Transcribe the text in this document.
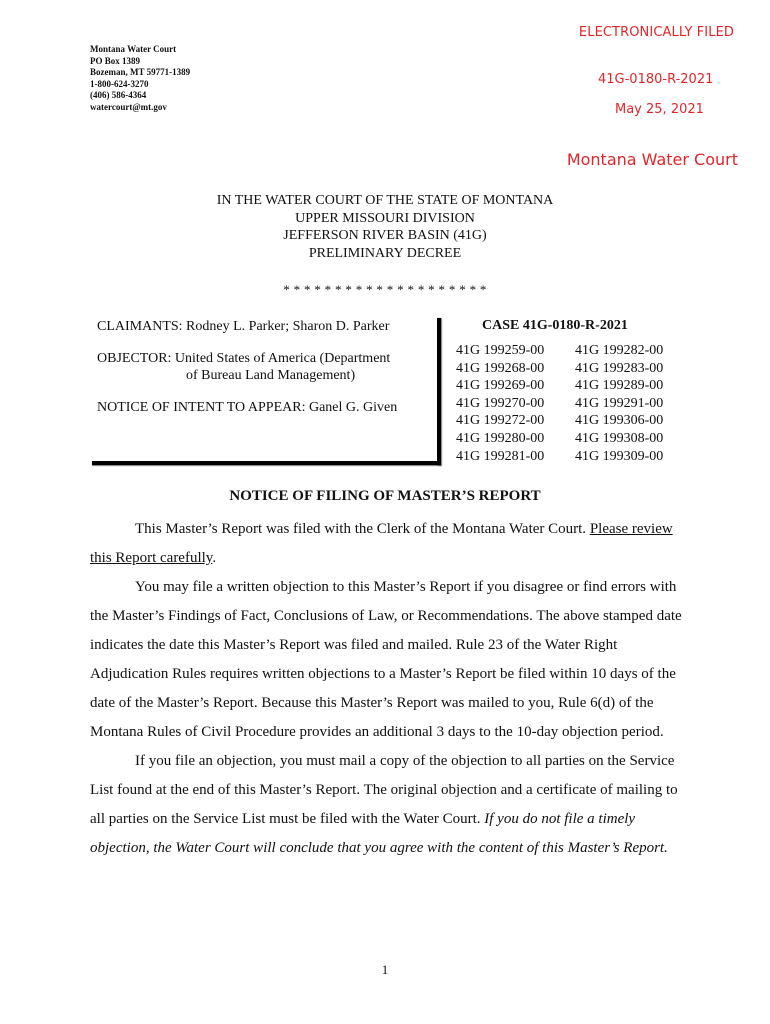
Montana Water Court
PO Box 1389
Bozeman, MT 59771-1389
1-800-624-3270
(406) 586-4364
watercourt@mt.gov
ELECTRONICALLY FILED
41G-0180-R-2021
May 25, 2021
Montana Water Court
IN THE WATER COURT OF THE STATE OF MONTANA
UPPER MISSOURI DIVISION
JEFFERSON RIVER BASIN (41G)
PRELIMINARY DECREE
* * * * * * * * * * * * * * * * * * * *
CLAIMANTS: Rodney L. Parker; Sharon D. Parker
OBJECTOR: United States of America (Department
of Bureau Land Management)
NOTICE OF INTENT TO APPEAR: Ganel G. Given
CASE 41G-0180-R-2021
41G 199259-00
41G 199268-00
41G 199269-00
41G 199270-00
41G 199272-00
41G 199280-00
41G 199281-00
41G 199282-00
41G 199283-00
41G 199289-00
41G 199291-00
41G 199306-00
41G 199308-00
41G 199309-00
NOTICE OF FILING OF MASTER’S REPORT

This Master’s Report was filed with the Clerk of the Montana Water Court. Please review this Report carefully.

You may file a written objection to this Master’s Report if you disagree or find errors with the Master’s Findings of Fact, Conclusions of Law, or Recommendations. The above stamped date indicates the date this Master’s Report was filed and mailed. Rule 23 of the Water Right Adjudication Rules requires written objections to a Master’s Report be filed within 10 days of the date of the Master’s Report. Because this Master’s Report was mailed to you, Rule 6(d) of the Montana Rules of Civil Procedure provides an additional 3 days to the 10-day objection period.

If you file an objection, you must mail a copy of the objection to all parties on the Service List found at the end of this Master’s Report. The original objection and a certificate of mailing to all parties on the Service List must be filed with the Water Court. If you do not file a timely objection, the Water Court will conclude that you agree with the content of this Master’s Report.

1
